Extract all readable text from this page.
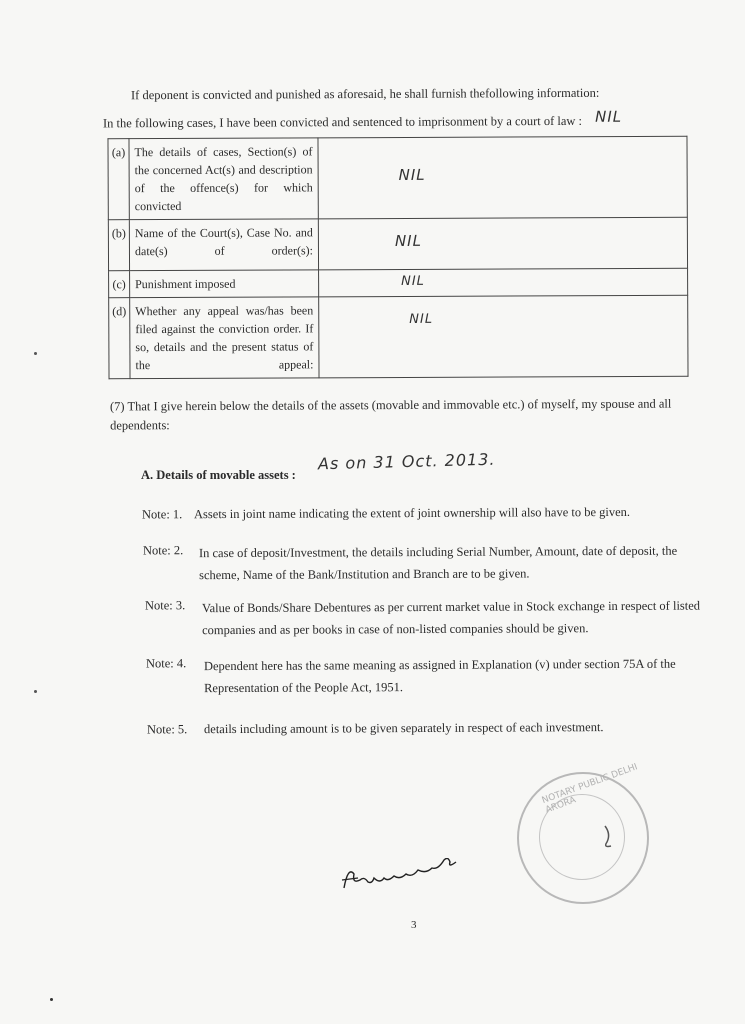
If deponent is convicted and punished as aforesaid, he shall furnish thefollowing information:
In the following cases, I have been convicted and sentenced to imprisonment by a court of law : NIL
(a)	The details of cases, Section(s) of the concerned Act(s) and description of the offence(s) for which convicted	NIL

(b)	Name of the Court(s), Case No. and date(s) of order(s):	NIL

(c)	Punishment imposed	NIL

(d)	Whether any appeal was/has been filed against the conviction order. If so, details and the present status of the appeal:	NIL
(7) That I give herein below the details of the assets (movable and immovable etc.) of myself, my spouse and all dependents:
A. Details of movable assets :
As on 31 Oct. 2013.
Note: 1. Assets in joint name indicating the extent of joint ownership will also have to be given.
Note: 2.	In case of deposit/Investment, the details including Serial Number, Amount, date of deposit, the scheme, Name of the Bank/Institution and Branch are to be given.
Note: 3.	Value of Bonds/Share Debentures as per current market value in Stock exchange in respect of listed companies and as per books in case of non-listed companies should be given.
Note: 4.	Dependent here has the same meaning as assigned in Explanation (v) under section 75A of the Representation of the People Act, 1951.
Note: 5. details including amount is to be given separately in respect of each investment.
NOTARY PUBLIC DELHI ARORA
3
